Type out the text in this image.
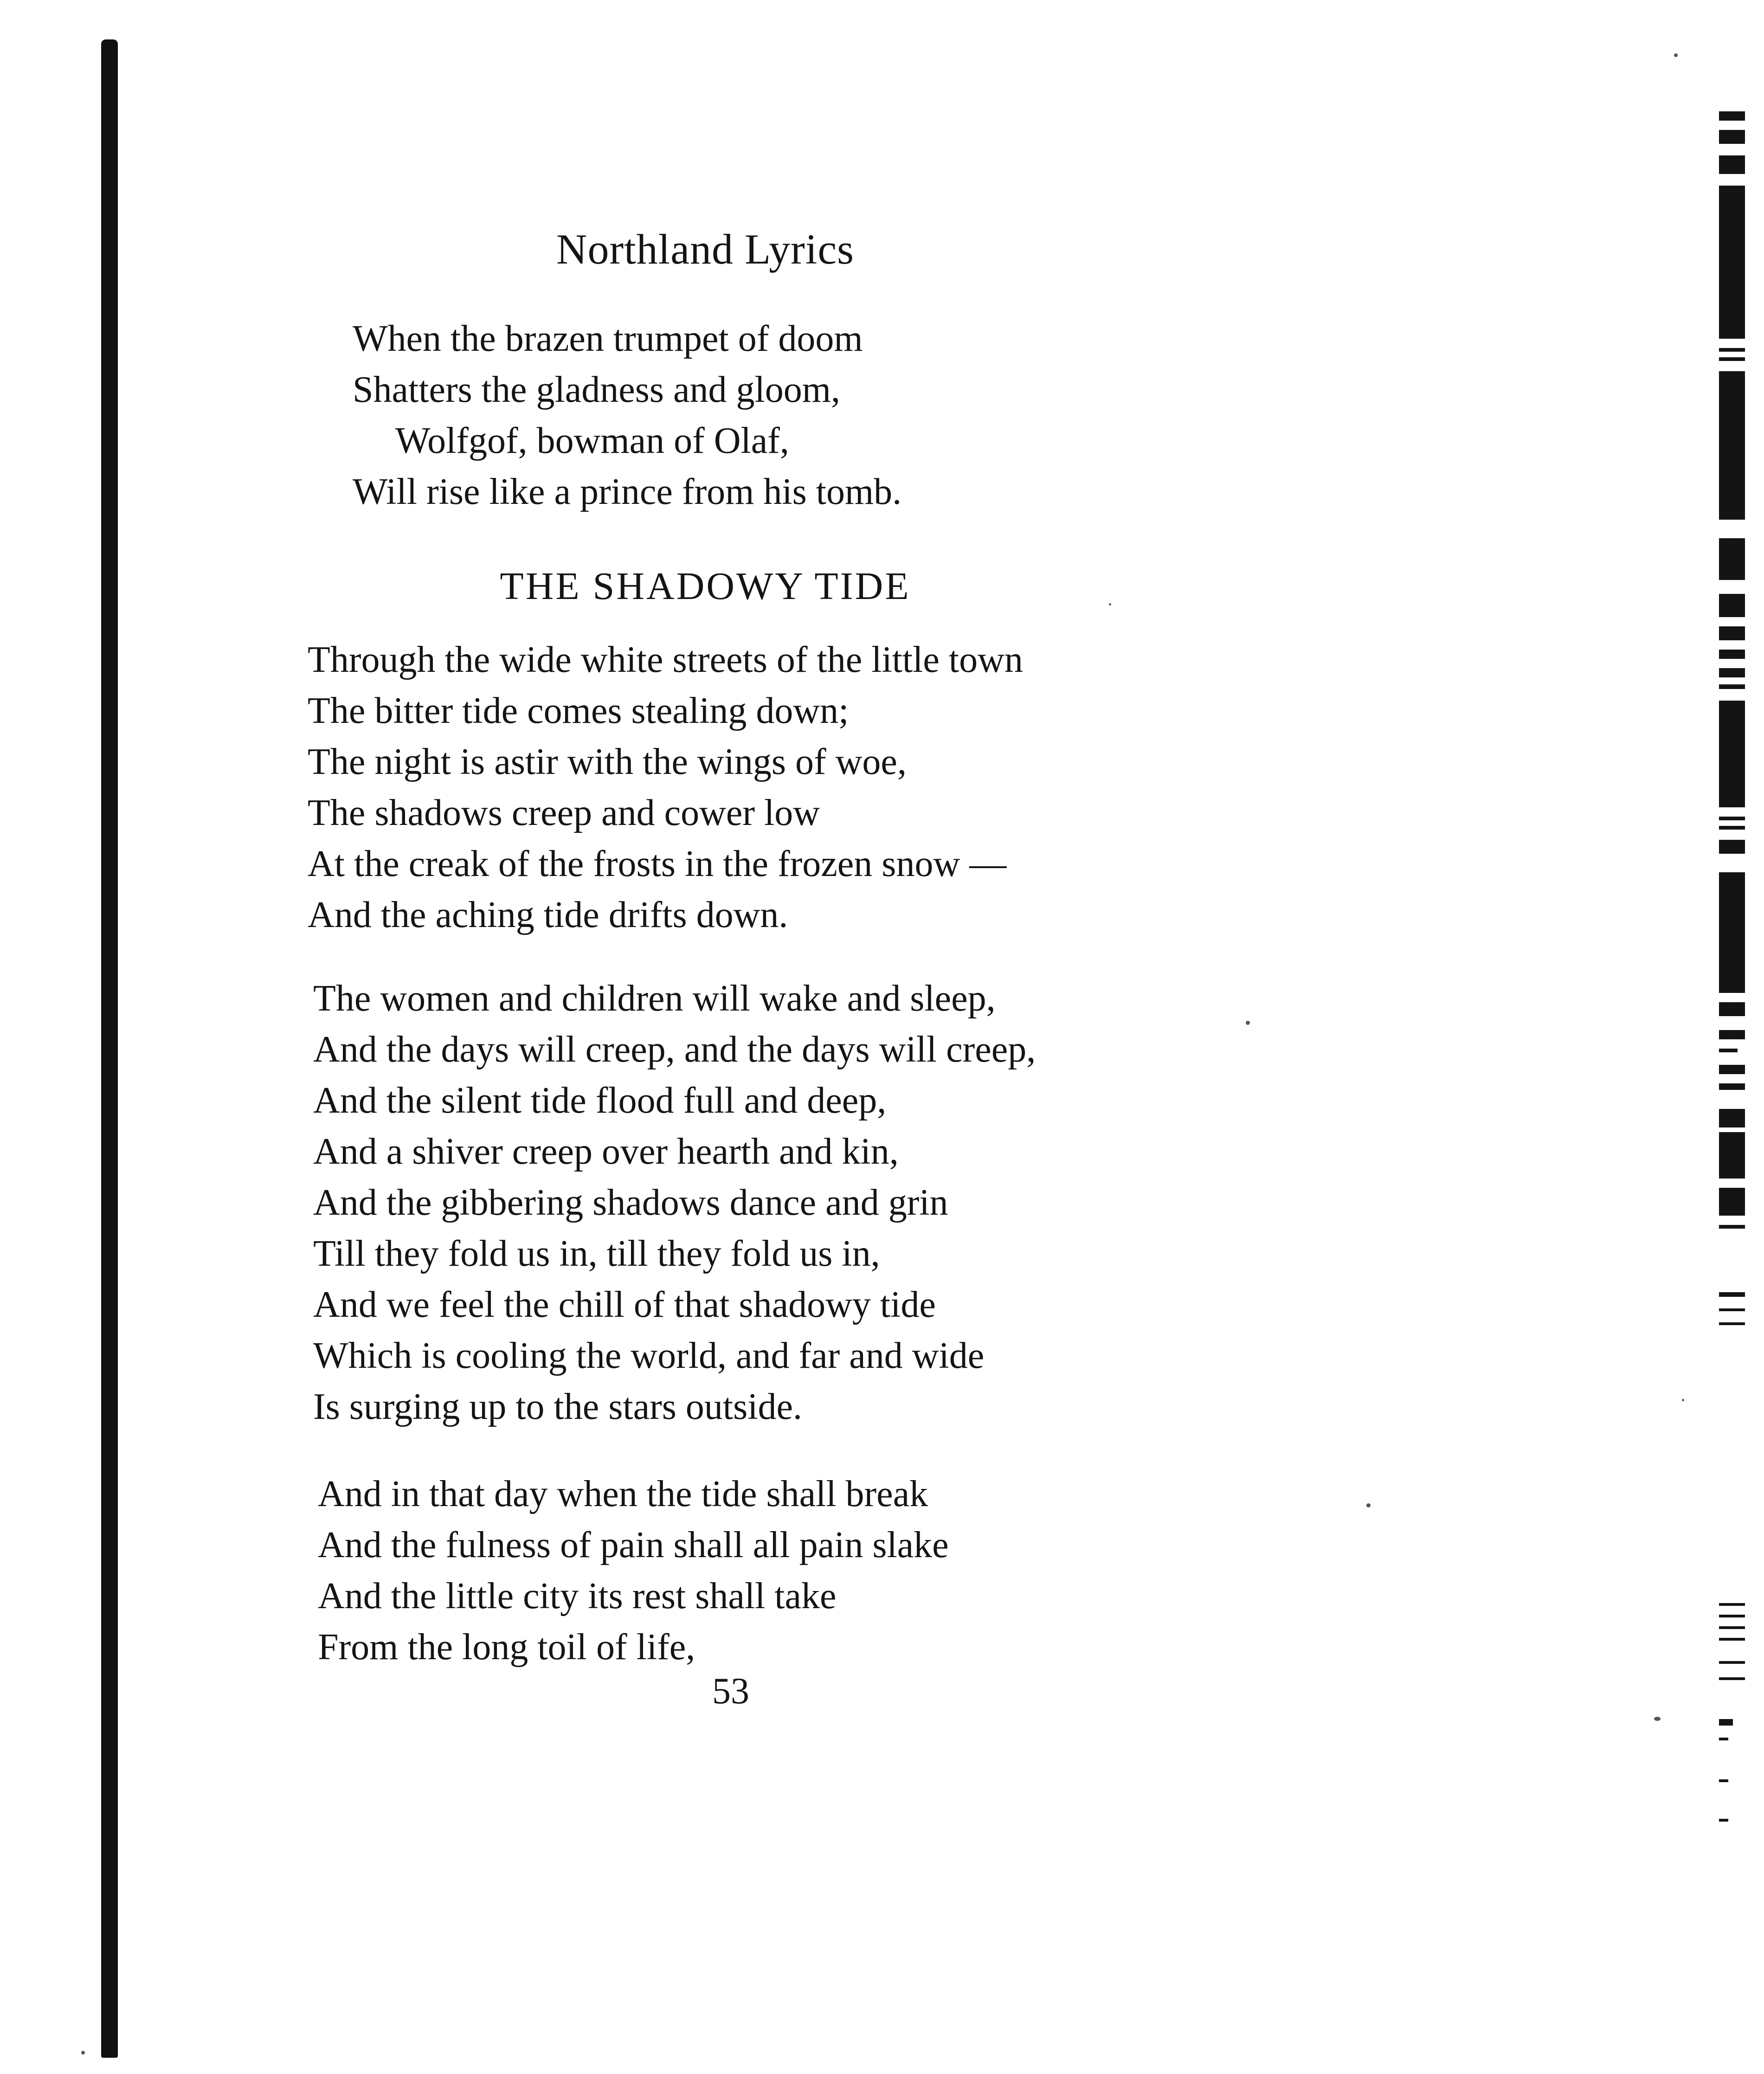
Northland Lyrics
When the brazen trumpet of doom
Shatters the gladness and gloom,
Wolfgof, bowman of Olaf,
Will rise like a prince from his tomb.
THE SHADOWY TIDE
Through the wide white streets of the little town
The bitter tide comes stealing down;
The night is astir with the wings of woe,
The shadows creep and cower low
At the creak of the frosts in the frozen snow —
And the aching tide drifts down.
The women and children will wake and sleep,
And the days will creep, and the days will creep,
And the silent tide flood full and deep,
And a shiver creep over hearth and kin,
And the gibbering shadows dance and grin
Till they fold us in, till they fold us in,
And we feel the chill of that shadowy tide
Which is cooling the world, and far and wide
Is surging up to the stars outside.
And in that day when the tide shall break
And the fulness of pain shall all pain slake
And the little city its rest shall take
From the long toil of life,
53
